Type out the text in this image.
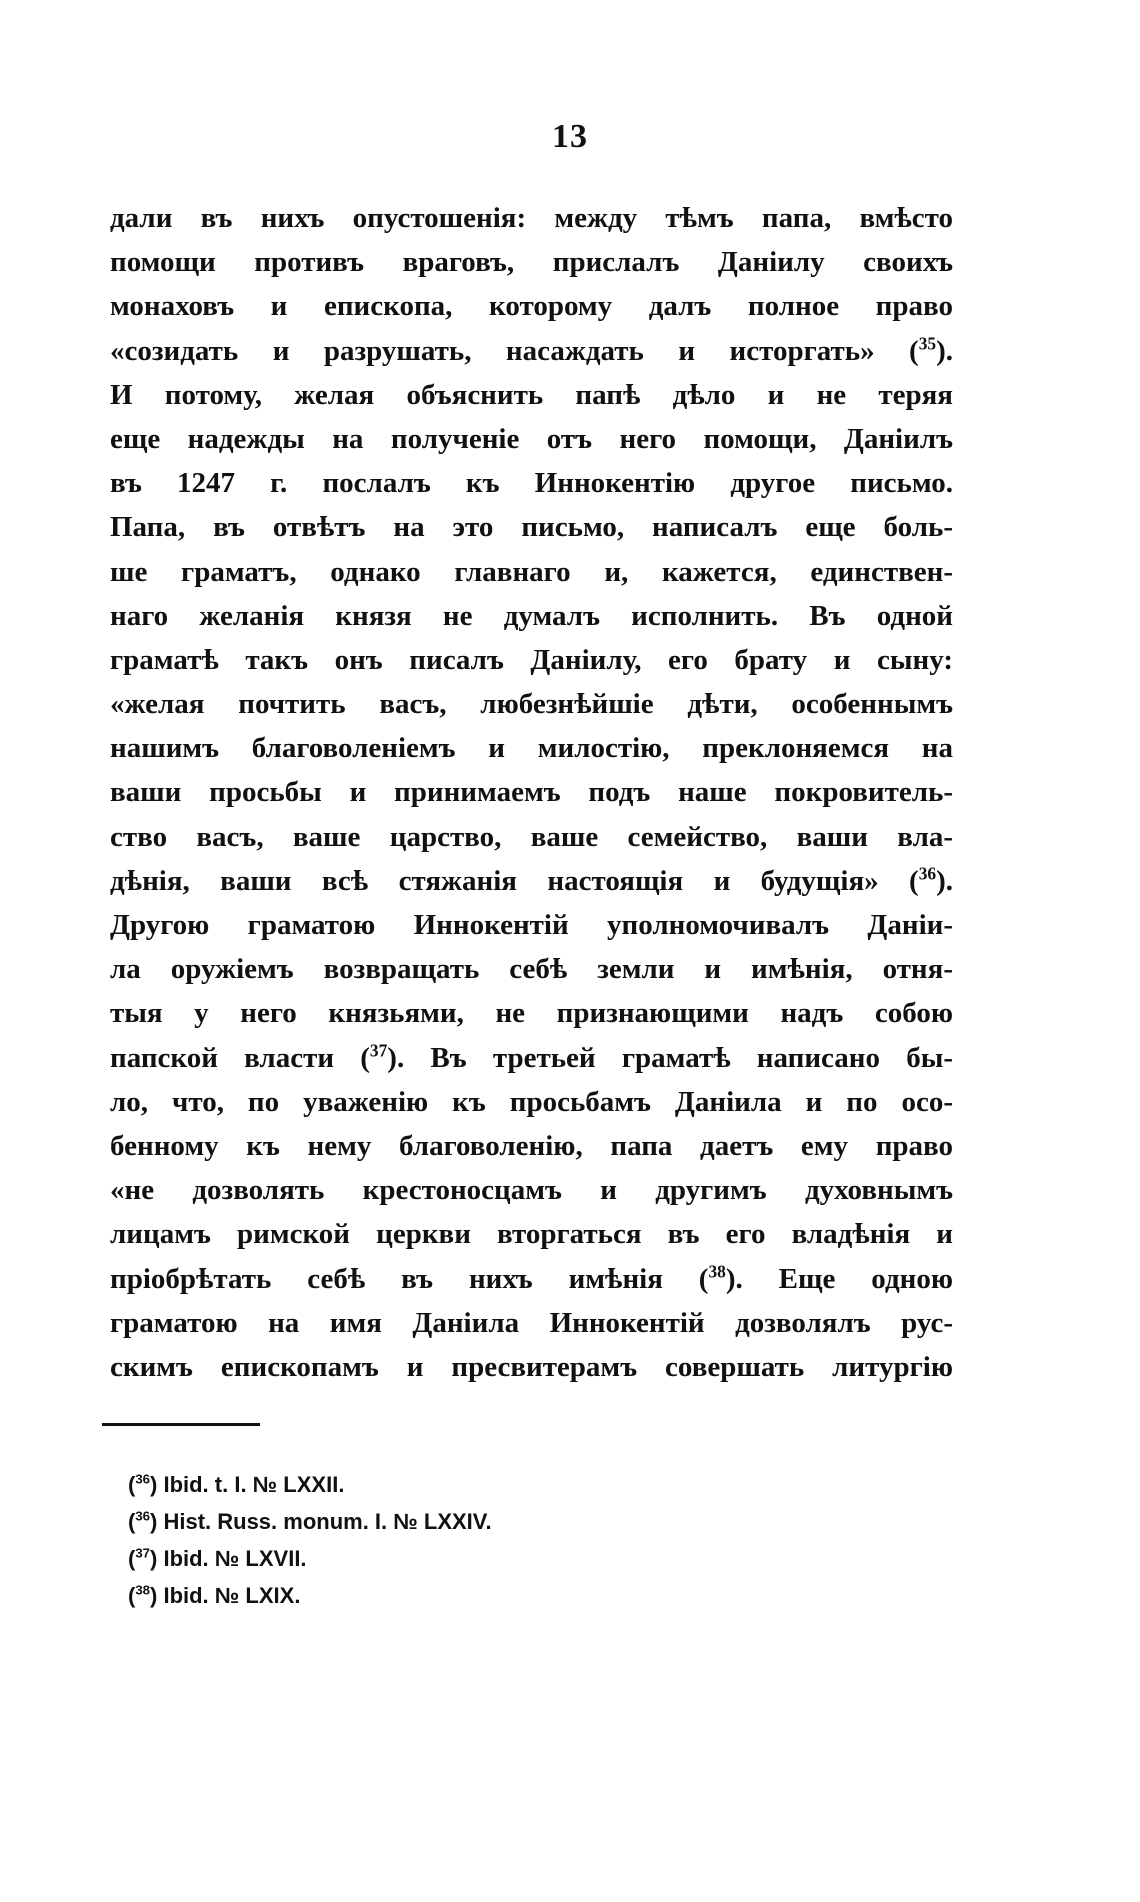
13
дали въ нихъ опустошенія: между тѣмъ папа, вмѣсто
помощи противъ враговъ, прислалъ Даніилу своихъ
монаховъ и епископа, которому далъ полное право
«созидать и разрушать, насаждать и исторгать» ($^{35}$).
И потому, желая объяснить папѣ дѣло и не теряя
еще надежды на полученіе отъ него помощи, Даніилъ
въ 1247 г. послалъ къ Иннокентію другое письмо.
Папа, въ отвѣтъ на это письмо, написалъ еще боль-
ше граматъ, однако главнаго и, кажется, единствен-
наго желанія князя не думалъ исполнить. Въ одной
граматѣ такъ онъ писалъ Даніилу, его брату и сыну:
«желая почтить васъ, любезнѣйшіе дѣти, особеннымъ
нашимъ благоволеніемъ и милостію, преклоняемся на
ваши просьбы и принимаемъ подъ наше покровитель-
ство васъ, ваше царство, ваше семейство, ваши вла-
дѣнія, ваши всѣ стяжанія настоящія и будущія» ($^{36}$).
Другою граматою Иннокентій уполномочивалъ Даніи-
ла оружіемъ возвращать себѣ земли и имѣнія, отня-
тыя у него князьями, не признающими надъ собою
папской власти ($^{37}$). Въ третьей граматѣ написано бы-
ло, что, по уваженію къ просьбамъ Даніила и по осо-
бенному къ нему благоволенію, папа даетъ ему право
«не дозволять крестоносцамъ и другимъ духовнымъ
лицамъ римской церкви вторгаться въ его владѣнія и
пріобрѣтать себѣ въ нихъ имѣнія ($^{38}$). Еще одною
граматою на имя Даніила Иннокентій дозволялъ рус-
скимъ епископамъ и пресвитерамъ совершать литургію
($^{36}$) Ibid. t. I. № LXXII.
($^{36}$) Hist. Russ. monum. I. № LXXIV.
($^{37}$) Ibid. № LXVII.
($^{38}$) Ibid. № LXIX.
